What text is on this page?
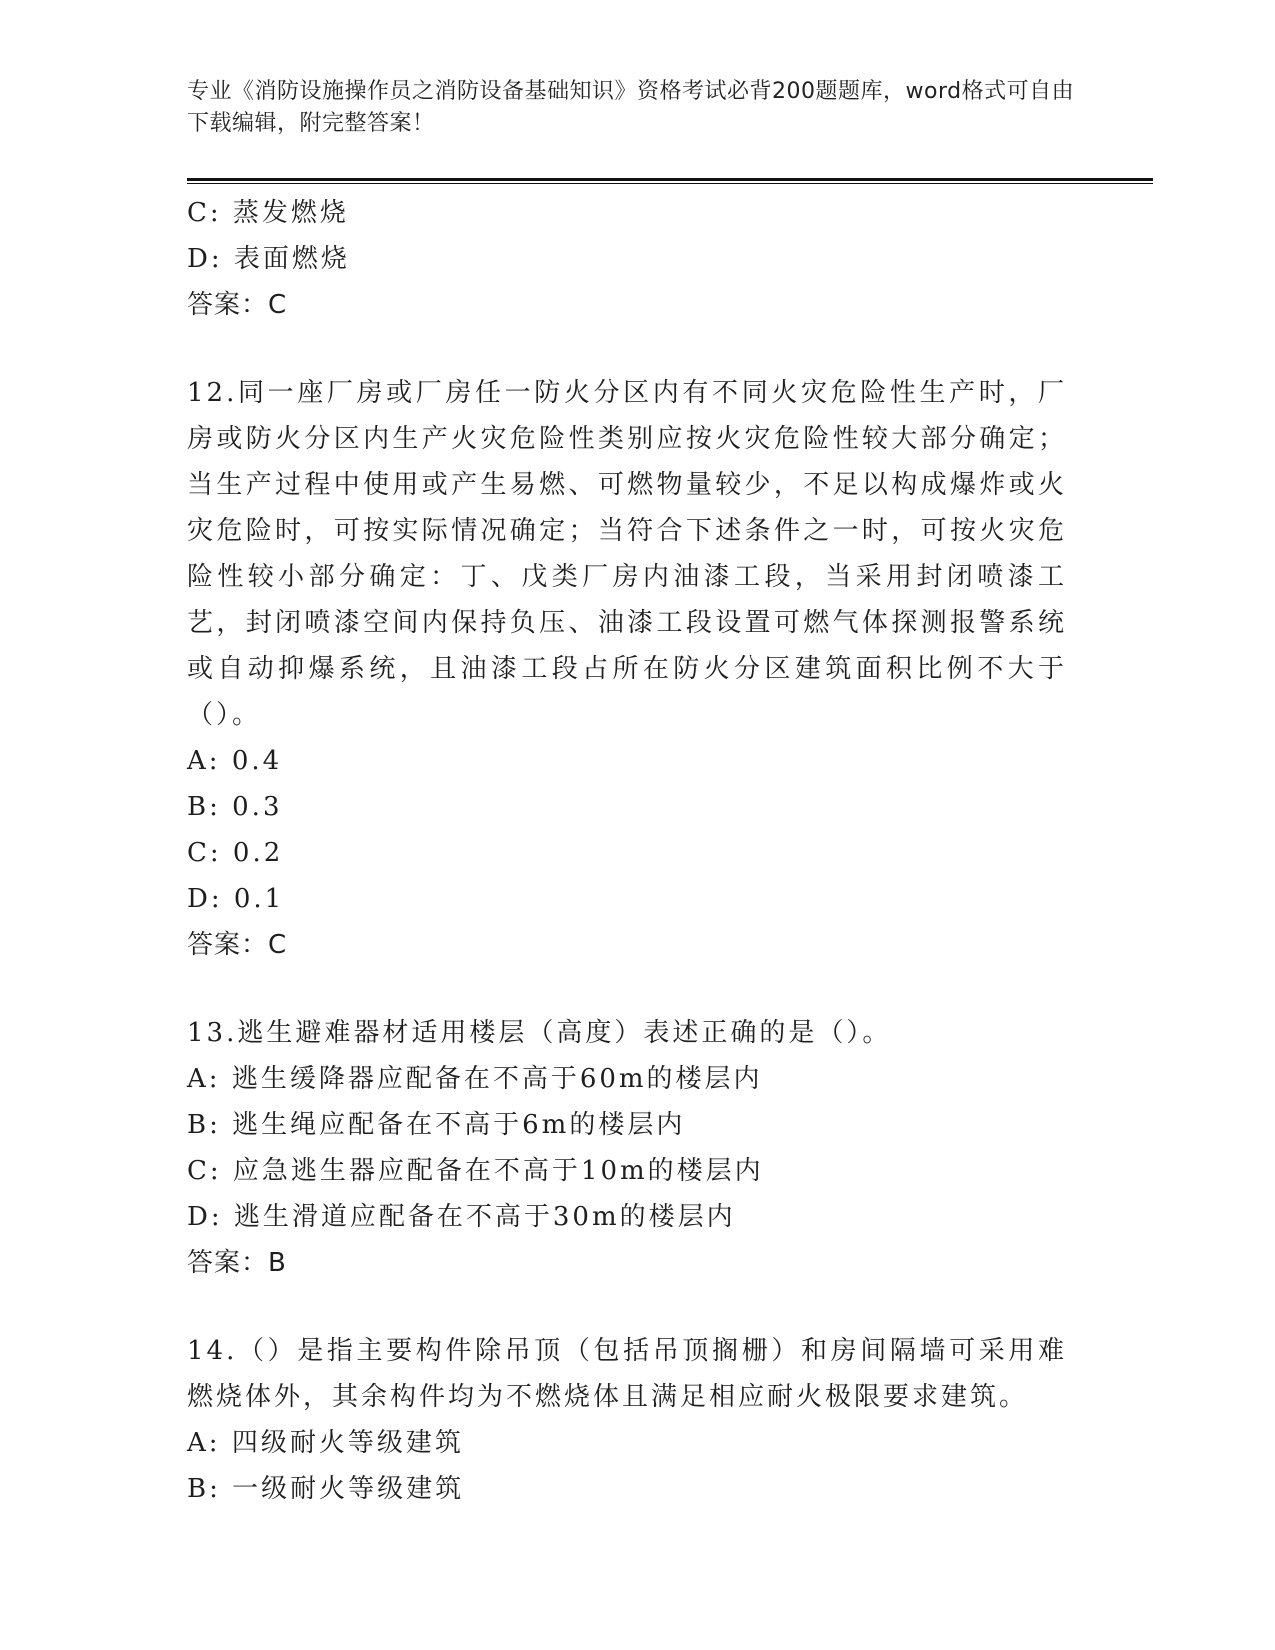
专业《消防设施操作员之消防设备基础知识》资格考试必背200题题库，word格式可自由下载编辑，附完整答案！
C: 蒸发燃烧
D: 表面燃烧
答案：C
12.同一座厂房或厂房任一防火分区内有不同火灾危险性生产时，厂房或防火分区内生产火灾危险性类别应按火灾危险性较大部分确定；当生产过程中使用或产生易燃、可燃物量较少，不足以构成爆炸或火灾危险时，可按实际情况确定；当符合下述条件之一时，可按火灾危险性较小部分确定：丁、戊类厂房内油漆工段，当采用封闭喷漆工艺，封闭喷漆空间内保持负压、油漆工段设置可燃气体探测报警系统或自动抑爆系统，且油漆工段占所在防火分区建筑面积比例不大于（）。
A: 0.4
B: 0.3
C: 0.2
D: 0.1
答案：C
13.逃生避难器材适用楼层（高度）表述正确的是（）。
A: 逃生缓降器应配备在不高于60m的楼层内
B: 逃生绳应配备在不高于6m的楼层内
C: 应急逃生器应配备在不高于10m的楼层内
D: 逃生滑道应配备在不高于30m的楼层内
答案：B
14.（）是指主要构件除吊顶（包括吊顶搁栅）和房间隔墙可采用难燃烧体外，其余构件均为不燃烧体且满足相应耐火极限要求建筑。
A: 四级耐火等级建筑
B: 一级耐火等级建筑
